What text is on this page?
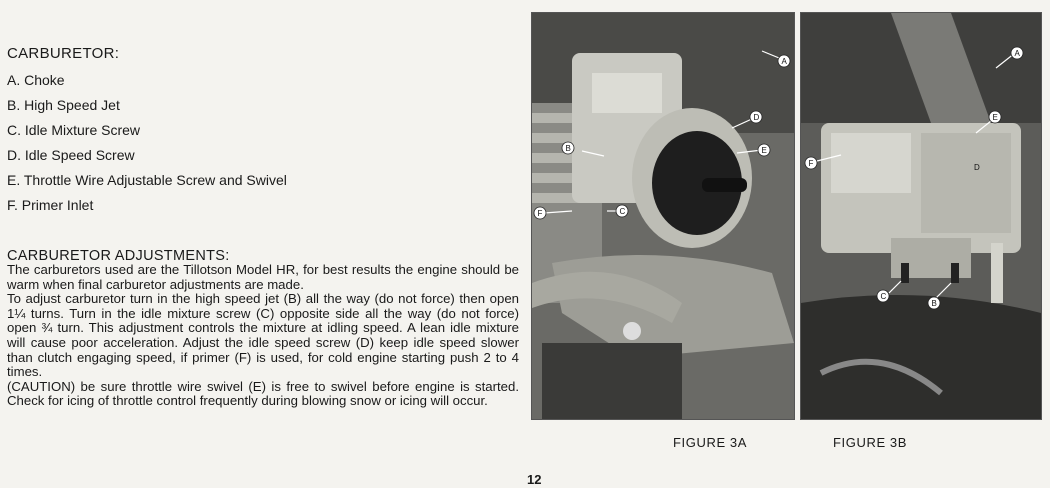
CARBURETOR:
A. Choke
B. High Speed Jet
C. Idle Mixture Screw
D. Idle Speed Screw
E. Throttle Wire Adjustable Screw and Swivel
F. Primer Inlet
CARBURETOR ADJUSTMENTS:

The carburetors used are the Tillotson Model HR, for best results the engine should be warm when final carburetor adjustments are made.

To adjust carburetor turn in the high speed jet (B) all the way (do not force) then open 1¼ turns. Turn in the idle mixture screw (C) opposite side all the way (do not force) open ¾ turn. This adjustment controls the mixture at idling speed. A lean idle mixture will cause poor acceleration. Adjust the idle speed screw (D) keep idle speed slower than clutch engaging speed, if primer (F) is used, for cold engine starting push 2 to 4 times.

(CAUTION) be sure throttle wire swivel (E) is free to swivel before engine is started. Check for icing of throttle control frequently during blowing snow or icing will occur.

A
B
C
D
E
F
A
B
C
D
E
F
FIGURE 3A	FIGURE 3B
12
